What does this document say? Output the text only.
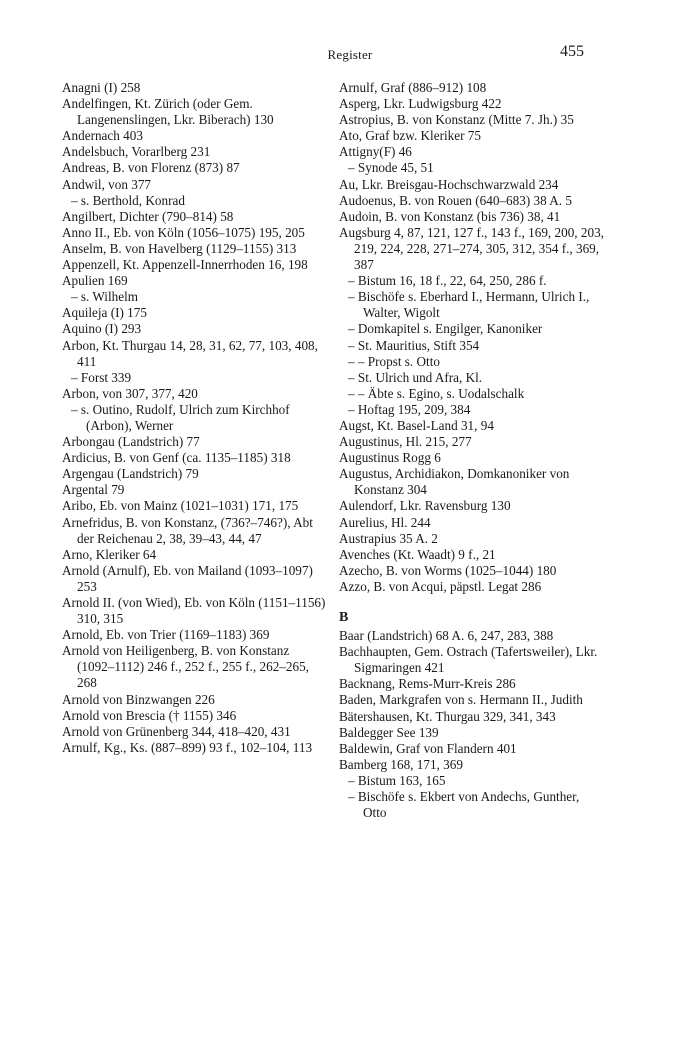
Register	455

Anagni (I) 258

Andelfingen, Kt. Zürich (oder Gem. Langenenslingen, Lkr. Biberach) 130

Andernach 403

Andelsbuch, Vorarlberg 231

Andreas, B. von Florenz (873) 87

Andwil, von 377

– s. Berthold, Konrad

Angilbert, Dichter (790–814) 58

Anno II., Eb. von Köln (1056–1075) 195, 205

Anselm, B. von Havelberg (1129–1155) 313

Appenzell, Kt. Appenzell-Innerrhoden 16, 198

Apulien 169

– s. Wilhelm

Aquileja (I) 175

Aquino (I) 293

Arbon, Kt. Thurgau 14, 28, 31, 62, 77, 103, 408, 411

– Forst 339

Arbon, von 307, 377, 420

– s. Outino, Rudolf, Ulrich zum Kirchhof (Arbon), Werner

Arbongau (Landstrich) 77

Ardicius, B. von Genf (ca. 1135–1185) 318

Argengau (Landstrich) 79

Argental 79

Aribo, Eb. von Mainz (1021–1031) 171, 175

Arnefridus, B. von Konstanz, (736?–746?), Abt der Reichenau 2, 38, 39–43, 44, 47

Arno, Kleriker 64

Arnold (Arnulf), Eb. von Mailand (1093–1097) 253

Arnold II. (von Wied), Eb. von Köln (1151–1156) 310, 315

Arnold, Eb. von Trier (1169–1183) 369

Arnold von Heiligenberg, B. von Konstanz (1092–1112) 246 f., 252 f., 255 f., 262–265, 268

Arnold von Binzwangen 226

Arnold von Brescia († 1155) 346

Arnold von Grünenberg 344, 418–420, 431

Arnulf, Kg., Ks. (887–899) 93 f., 102–104, 113

Arnulf, Graf (886–912) 108

Asperg, Lkr. Ludwigsburg 422

Astropius, B. von Konstanz (Mitte 7. Jh.) 35

Ato, Graf bzw. Kleriker 75

Attigny(F) 46

– Synode 45, 51

Au, Lkr. Breisgau-Hochschwarzwald 234

Audoenus, B. von Rouen (640–683) 38 A. 5

Audoin, B. von Konstanz (bis 736) 38, 41

Augsburg 4, 87, 121, 127 f., 143 f., 169, 200, 203, 219, 224, 228, 271–274, 305, 312, 354 f., 369, 387

– Bistum 16, 18 f., 22, 64, 250, 286 f.

– Bischöfe s. Eberhard I., Hermann, Ulrich I., Walter, Wigolt

– Domkapitel s. Engilger, Kanoniker

– St. Mauritius, Stift 354

– – Propst s. Otto

– St. Ulrich und Afra, Kl.

– – Äbte s. Egino, s. Uodalschalk

– Hoftag 195, 209, 384

Augst, Kt. Basel-Land 31, 94

Augustinus, Hl. 215, 277

Augustinus Rogg 6

Augustus, Archidiakon, Domkanoniker von Konstanz 304

Aulendorf, Lkr. Ravensburg 130

Aurelius, Hl. 244

Austrapius 35 A. 2

Avenches (Kt. Waadt) 9 f., 21

Azecho, B. von Worms (1025–1044) 180

Azzo, B. von Acqui, päpstl. Legat 286

B

Baar (Landstrich) 68 A. 6, 247, 283, 388

Bachhaupten, Gem. Ostrach (Tafertsweiler), Lkr. Sigmaringen 421

Backnang, Rems-Murr-Kreis 286

Baden, Markgrafen von s. Hermann II., Judith

Bätershausen, Kt. Thurgau 329, 341, 343

Baldegger See 139

Baldewin, Graf von Flandern 401

Bamberg 168, 171, 369

– Bistum 163, 165

– Bischöfe s. Ekbert von Andechs, Gunther, Otto
